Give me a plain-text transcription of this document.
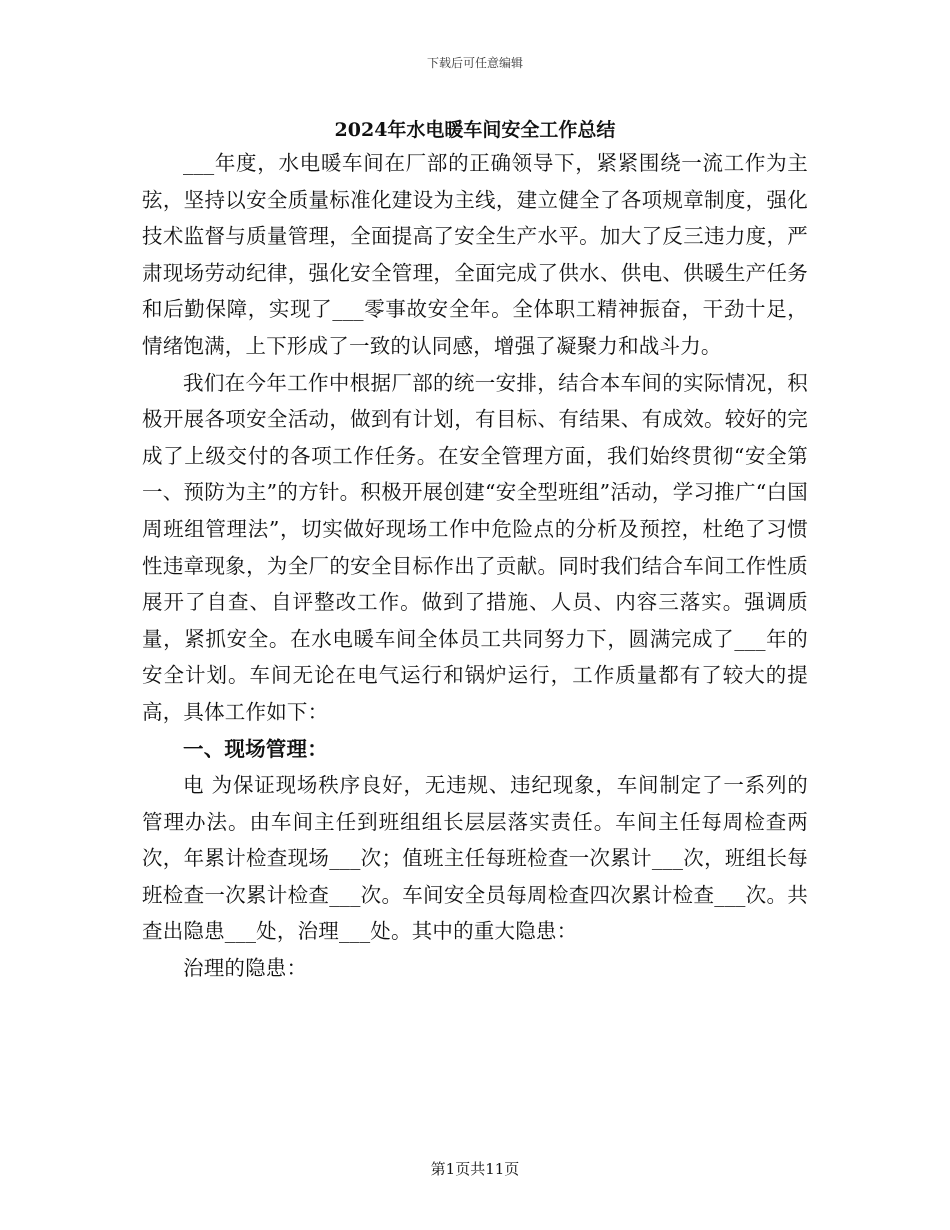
下载后可任意编辑
2024年水电暖车间安全工作总结

___年度，水电暖车间在厂部的正确领导下，紧紧围绕一流工作为主弦，坚持以安全质量标准化建设为主线，建立健全了各项规章制度，强化技术监督与质量管理，全面提高了安全生产水平。加大了反三违力度，严肃现场劳动纪律，强化安全管理，全面完成了供水、供电、供暖生产任务和后勤保障，实现了___零事故安全年。全体职工精神振奋，干劲十足，情绪饱满，上下形成了一致的认同感，增强了凝聚力和战斗力。

我们在今年工作中根据厂部的统一安排，结合本车间的实际情况，积极开展各项安全活动，做到有计划，有目标、有结果、有成效。较好的完成了上级交付的各项工作任务。在安全管理方面，我们始终贯彻“安全第一、预防为主”的方针。积极开展创建“安全型班组”活动，学习推广“白国周班组管理法”，切实做好现场工作中危险点的分析及预控，杜绝了习惯性违章现象，为全厂的安全目标作出了贡献。同时我们结合车间工作性质展开了自查、自评整改工作。做到了措施、人员、内容三落实。强调质量，紧抓安全。在水电暖车间全体员工共同努力下，圆满完成了___年的安全计划。车间无论在电气运行和锅炉运行，工作质量都有了较大的提高，具体工作如下：

一、现场管理：

电 为保证现场秩序良好，无违规、违纪现象，车间制定了一系列的管理办法。由车间主任到班组组长层层落实责任。车间主任每周检查两次，年累计检查现场___次；值班主任每班检查一次累计___次，班组长每班检查一次累计检查___次。车间安全员每周检查四次累计检查___次。共查出隐患___处，治理___处。其中的重大隐患：

治理的隐患：

第1页共11页
